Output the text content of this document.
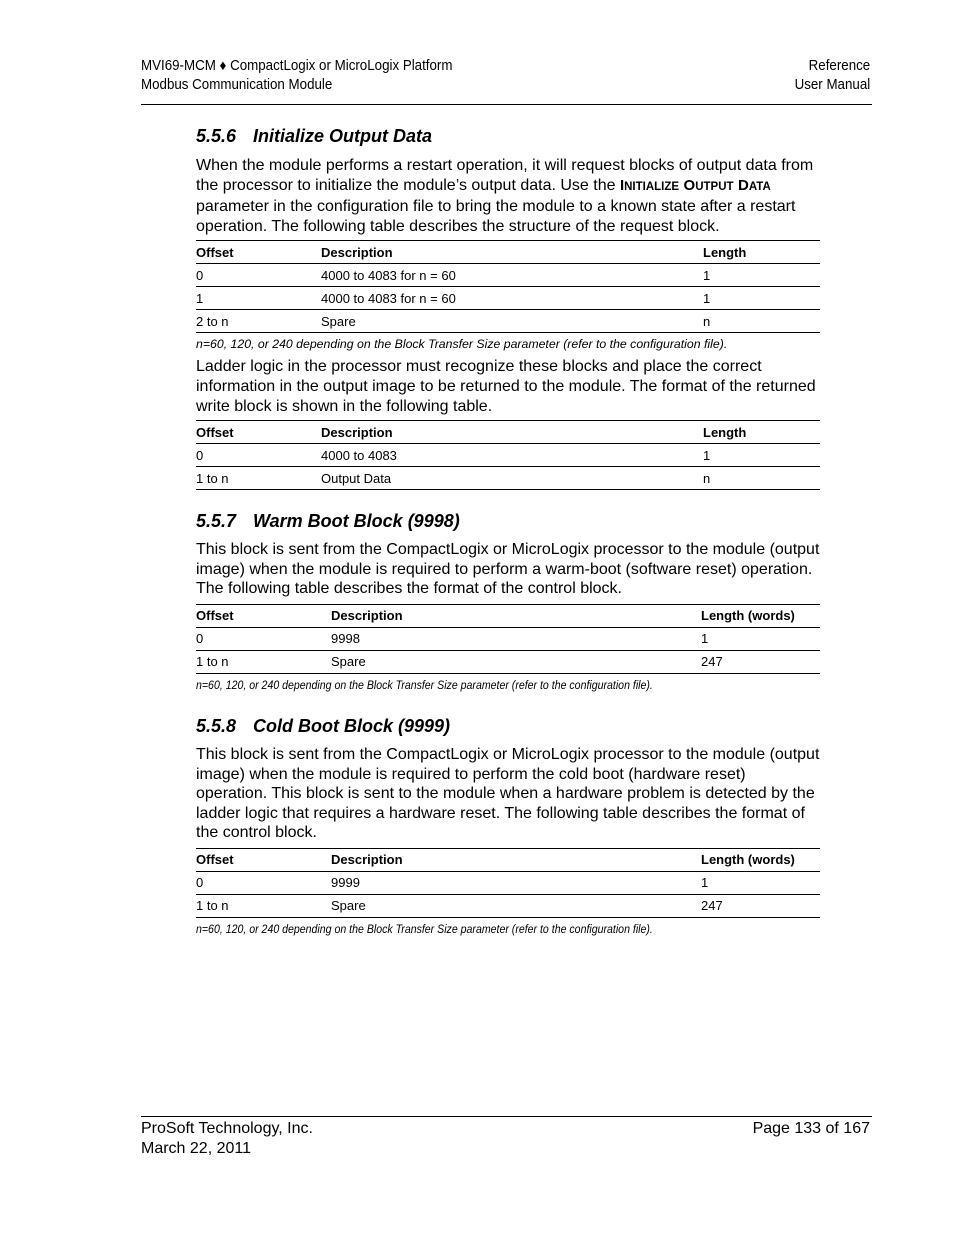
MVI69-MCM ♦ CompactLogix or MicroLogix Platform
Modbus Communication Module
Reference
User Manual
5.5.6 Initialize Output Data

When the module performs a restart operation, it will request blocks of output data from the processor to initialize the module’s output data. Use the INITIALIZE OUTPUT DATA parameter in the configuration file to bring the module to a known state after a restart operation. The following table describes the structure of the request block.

Offset	Description	Length
0	4000 to 4083 for n = 60	1
1	4000 to 4083 for n = 60	1
2 to n	Spare	n
n=60, 120, or 240 depending on the Block Transfer Size parameter (refer to the configuration file).

Ladder logic in the processor must recognize these blocks and place the correct information in the output image to be returned to the module. The format of the returned write block is shown in the following table.

Offset	Description	Length
0	4000 to 4083	1
1 to n	Output Data	n
5.5.7 Warm Boot Block (9998)

This block is sent from the CompactLogix or MicroLogix processor to the module (output image) when the module is required to perform a warm-boot (software reset) operation. The following table describes the format of the control block.

Offset	Description	Length (words)
0	9998	1
1 to n	Spare	247
n=60, 120, or 240 depending on the Block Transfer Size parameter (refer to the configuration file).
5.5.8 Cold Boot Block (9999)

This block is sent from the CompactLogix or MicroLogix processor to the module (output image) when the module is required to perform the cold boot (hardware reset) operation. This block is sent to the module when a hardware problem is detected by the ladder logic that requires a hardware reset. The following table describes the format of the control block.

Offset	Description	Length (words)
0	9999	1
1 to n	Spare	247
n=60, 120, or 240 depending on the Block Transfer Size parameter (refer to the configuration file).
ProSoft Technology, Inc.
March 22, 2011
Page 133 of 167
